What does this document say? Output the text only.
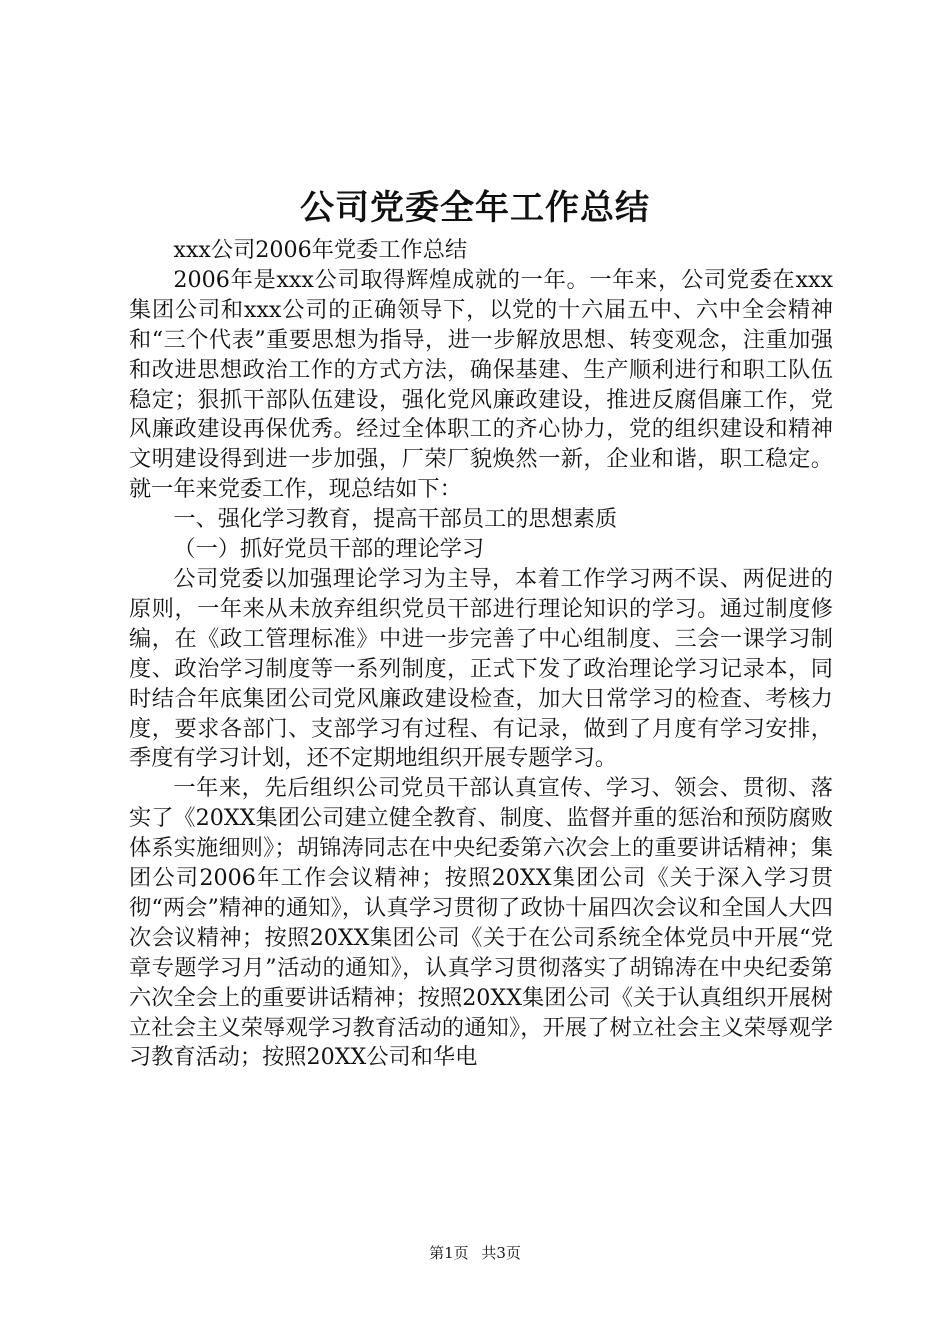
公司党委全年工作总结

xxx公司2006年党委工作总结

2006年是xxx公司取得辉煌成就的一年。一年来，公司党委在xxx集团公司和xxx公司的正确领导下，以党的十六届五中、六中全会精神和“三个代表”重要思想为指导，进一步解放思想、转变观念，注重加强和改进思想政治工作的方式方法，确保基建、生产顺利进行和职工队伍稳定；狠抓干部队伍建设，强化党风廉政建设，推进反腐倡廉工作，党风廉政建设再保优秀。经过全体职工的齐心协力，党的组织建设和精神文明建设得到进一步加强，厂荣厂貌焕然一新，企业和谐，职工稳定。就一年来党委工作，现总结如下：

一、强化学习教育，提高干部员工的思想素质

（一）抓好党员干部的理论学习

公司党委以加强理论学习为主导，本着工作学习两不误、两促进的原则，一年来从未放弃组织党员干部进行理论知识的学习。通过制度修编，在《政工管理标准》中进一步完善了中心组制度、三会一课学习制度、政治学习制度等一系列制度，正式下发了政治理论学习记录本，同时结合年底集团公司党风廉政建设检查，加大日常学习的检查、考核力度，要求各部门、支部学习有过程、有记录，做到了月度有学习安排，季度有学习计划，还不定期地组织开展专题学习。

一年来，先后组织公司党员干部认真宣传、学习、领会、贯彻、落实了《20XX集团公司建立健全教育、制度、监督并重的惩治和预防腐败体系实施细则》；胡锦涛同志在中央纪委第六次会上的重要讲话精神；集团公司2006年工作会议精神；按照20XX集团公司《关于深入学习贯彻“两会”精神的通知》，认真学习贯彻了政协十届四次会议和全国人大四次会议精神；按照20XX集团公司《关于在公司系统全体党员中开展“党章专题学习月”活动的通知》，认真学习贯彻落实了胡锦涛在中央纪委第六次全会上的重要讲话精神；按照20XX集团公司《关于认真组织开展树立社会主义荣辱观学习教育活动的通知》，开展了树立社会主义荣辱观学习教育活动；按照20XX公司和华电

第1页 共3页
